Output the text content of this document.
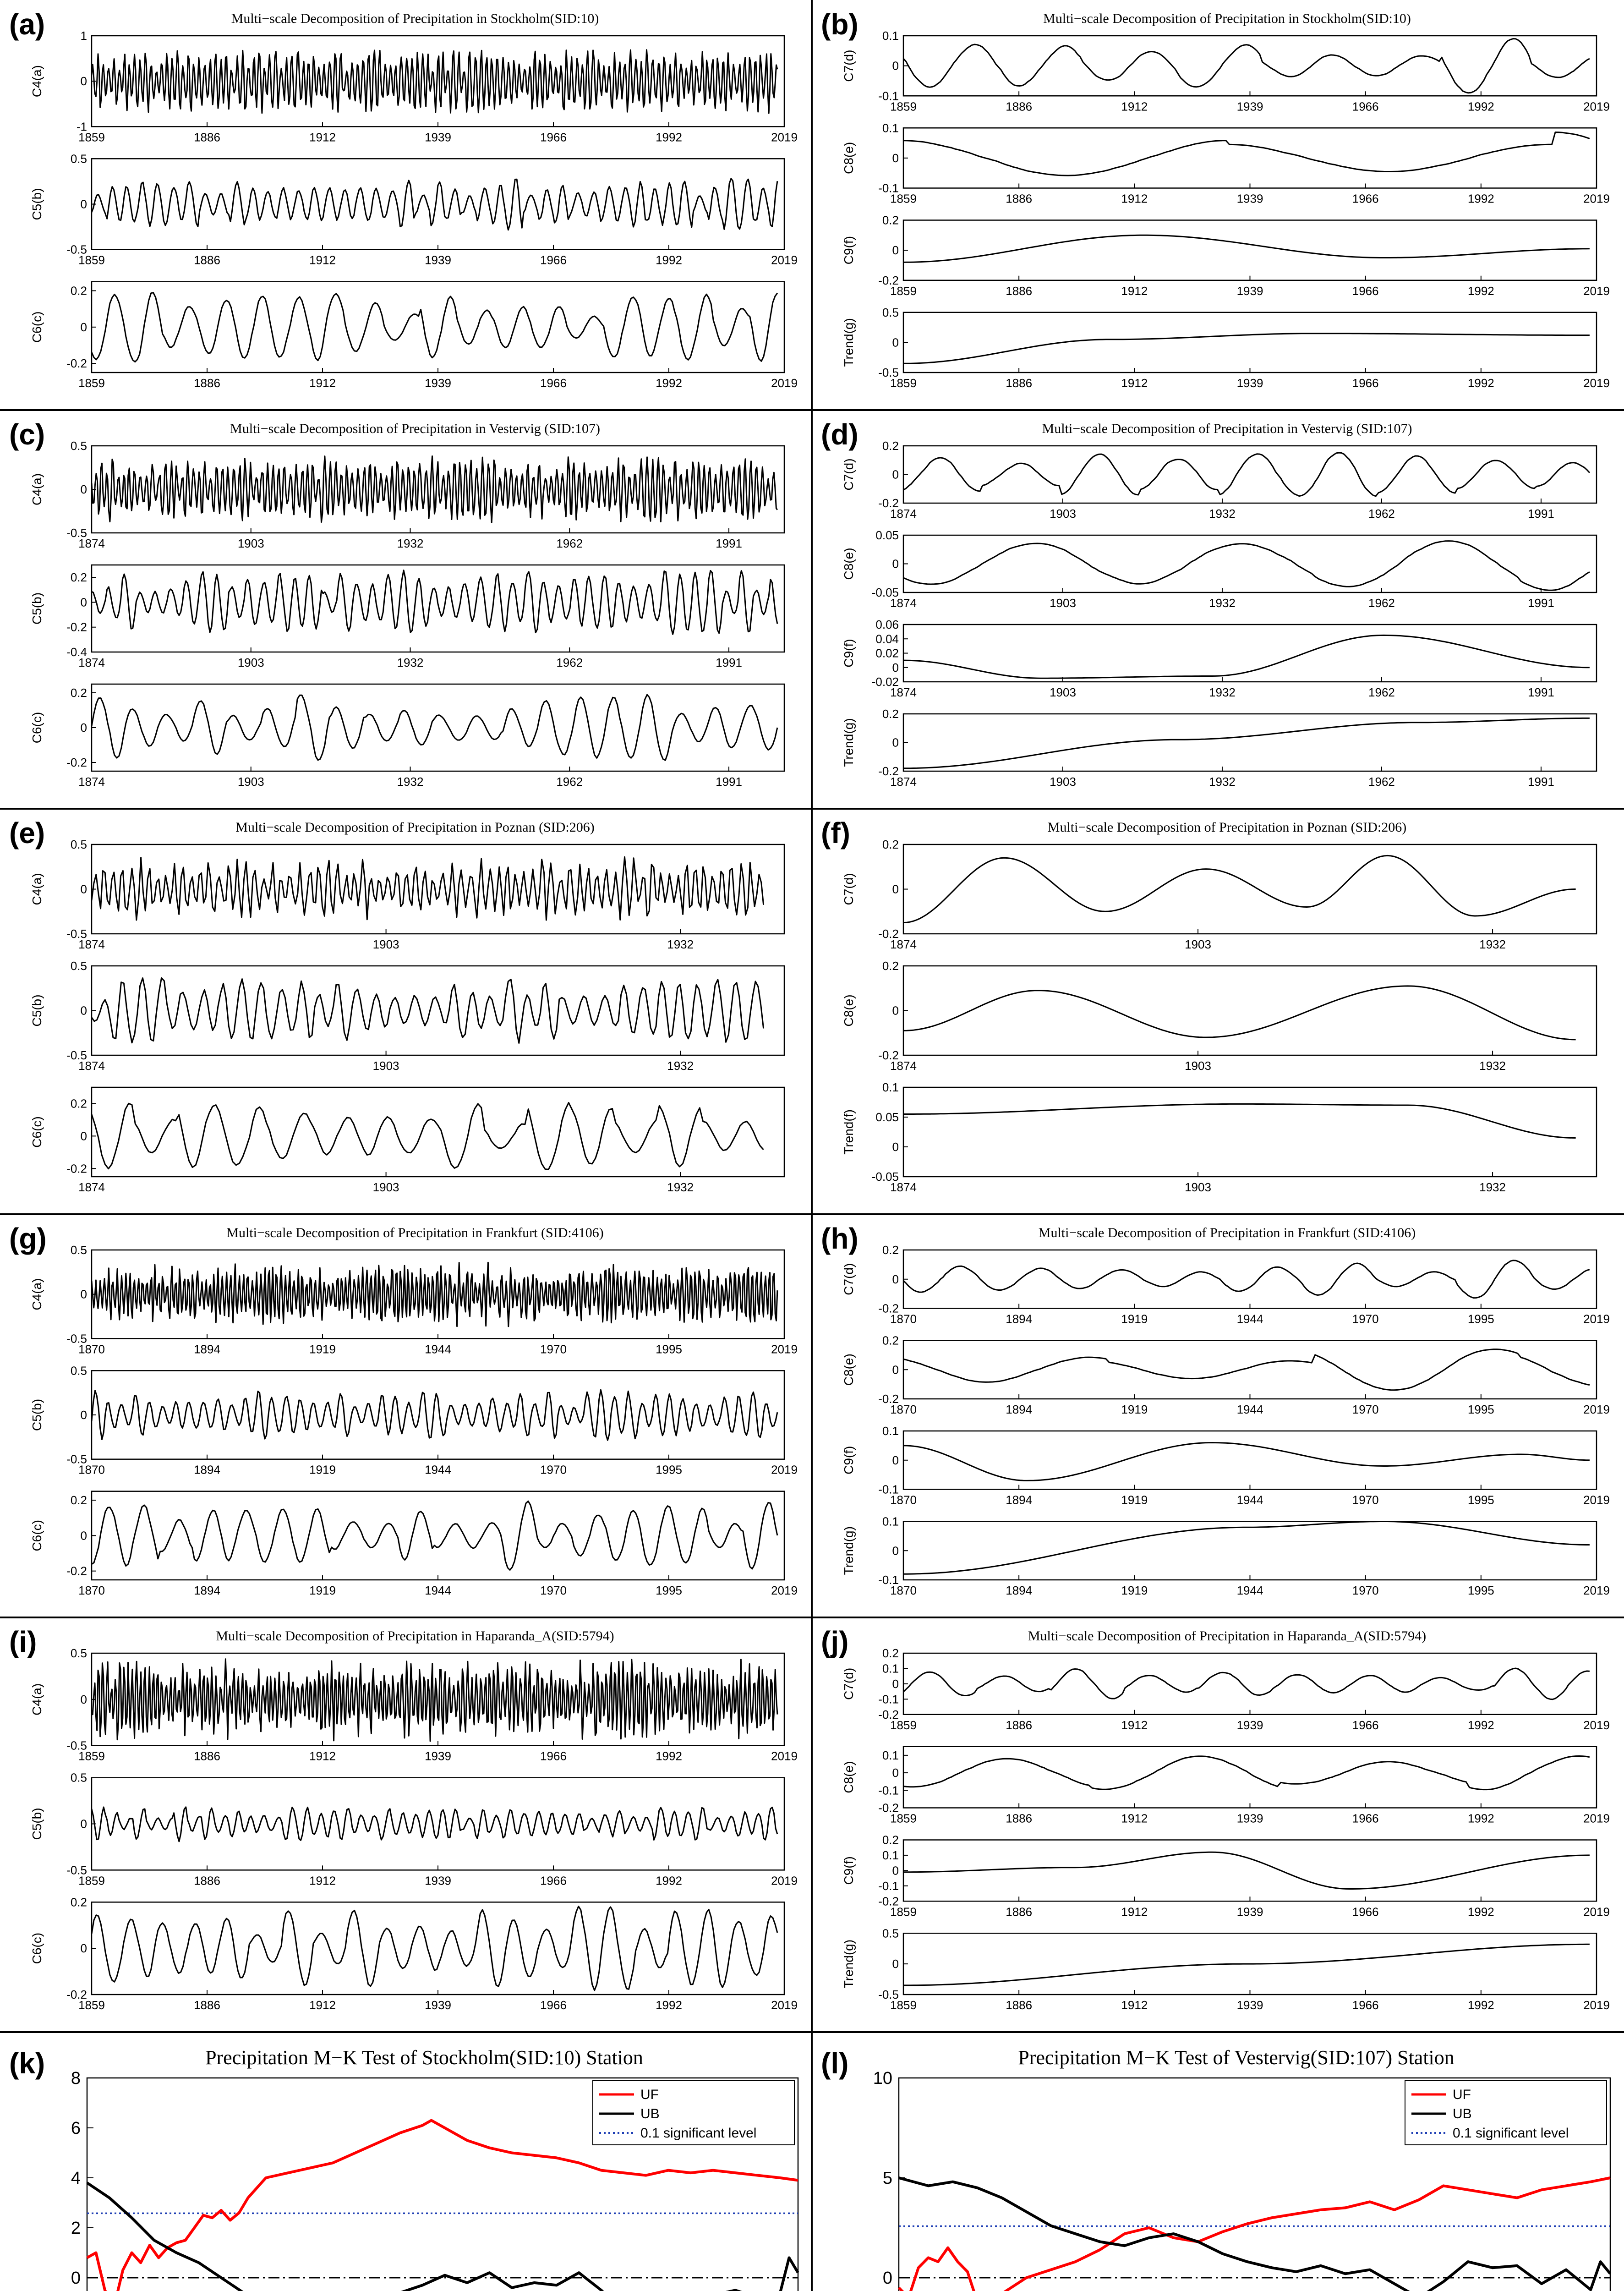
(a)	Multi−scale Decomposition of Precipitation in Stockholm(SID:10)
-1
0
1
C4(a)
1859	1886	1912	1939	1966	1992	2019
-0.5
0
0.5
C5(b)
1859	1886	1912	1939	1966	1992	2019
-0.2
0
0.2
C6(c)
1859	1886	1912	1939	1966	1992	2019
(b)	Multi−scale Decomposition of Precipitation in Stockholm(SID:10)
-0.1
0
0.1
C7(d)
1859	1886	1912	1939	1966	1992	2019
-0.1
0
0.1
C8(e)
1859	1886	1912	1939	1966	1992	2019
-0.2
0
0.2
C9(f)
1859	1886	1912	1939	1966	1992	2019
-0.5
0
0.5
Trend(g)
1859	1886	1912	1939	1966	1992	2019
(c)	Multi−scale Decomposition of Precipitation in Vestervig (SID:107)
-0.5
0
0.5
C4(a)
1874	1903	1932	1962	1991
-0.4
-0.2
0
0.2
C5(b)
1874	1903	1932	1962	1991
-0.2
0
0.2
C6(c)
1874	1903	1932	1962	1991
(d)	Multi−scale Decomposition of Precipitation in Vestervig (SID:107)
-0.2
0
0.2
C7(d)
1874	1903	1932	1962	1991
-0.05
0
0.05
C8(e)
1874	1903	1932	1962	1991
-0.02
0
0.02
0.04
0.06
C9(f)
1874	1903	1932	1962	1991
-0.2
0
0.2
Trend(g)
1874	1903	1932	1962	1991
(e)	Multi−scale Decomposition of Precipitation in Poznan (SID:206)
-0.5
0
0.5
C4(a)
1874	1903	1932
-0.5
0
0.5
C5(b)
1874	1903	1932
-0.2
0
0.2
C6(c)
1874	1903	1932
(f)	Multi−scale Decomposition of Precipitation in Poznan (SID:206)
-0.2
0
0.2
C7(d)
1874	1903	1932
-0.2
0
0.2
C8(e)
1874	1903	1932
-0.05
0
0.05
0.1
Trend(f)
1874	1903	1932
(g)	Multi−scale Decomposition of Precipitation in Frankfurt (SID:4106)
-0.5
0
0.5
C4(a)
1870	1894	1919	1944	1970	1995	2019
-0.5
0
0.5
C5(b)
1870	1894	1919	1944	1970	1995	2019
-0.2
0
0.2
C6(c)
1870	1894	1919	1944	1970	1995	2019
(h)	Multi−scale Decomposition of Precipitation in Frankfurt (SID:4106)
-0.2
0
0.2
C7(d)
1870	1894	1919	1944	1970	1995	2019
-0.2
0
0.2
C8(e)
1870	1894	1919	1944	1970	1995	2019
-0.1
0
0.1
C9(f)
1870	1894	1919	1944	1970	1995	2019
-0.1
0
0.1
Trend(g)
1870	1894	1919	1944	1970	1995	2019
(i)	Multi−scale Decomposition of Precipitation in Haparanda_A(SID:5794)
-0.5
0
0.5
C4(a)
1859	1886	1912	1939	1966	1992	2019
-0.5
0
0.5
C5(b)
1859	1886	1912	1939	1966	1992	2019
-0.2
0
0.2
C6(c)
1859	1886	1912	1939	1966	1992	2019
(j)	Multi−scale Decomposition of Precipitation in Haparanda_A(SID:5794)
-0.2
-0.1
0
0.1
0.2
C7(d)
1859	1886	1912	1939	1966	1992	2019
-0.2
-0.1
0
0.1
C8(e)
1859	1886	1912	1939	1966	1992	2019
-0.2
-0.1
0
0.1
0.2
C9(f)
1859	1886	1912	1939	1966	1992	2019
-0.5
0
0.5
Trend(g)
1859	1886	1912	1939	1966	1992	2019
(k)	Precipitation M−K Test of Stockholm(SID:10) Station
0
2
4
6
8
UF
UB
0.1 significant level
(l)	Precipitation M−K Test of Vestervig(SID:107) Station
0
5
10
UF
UB
0.1 significant level
